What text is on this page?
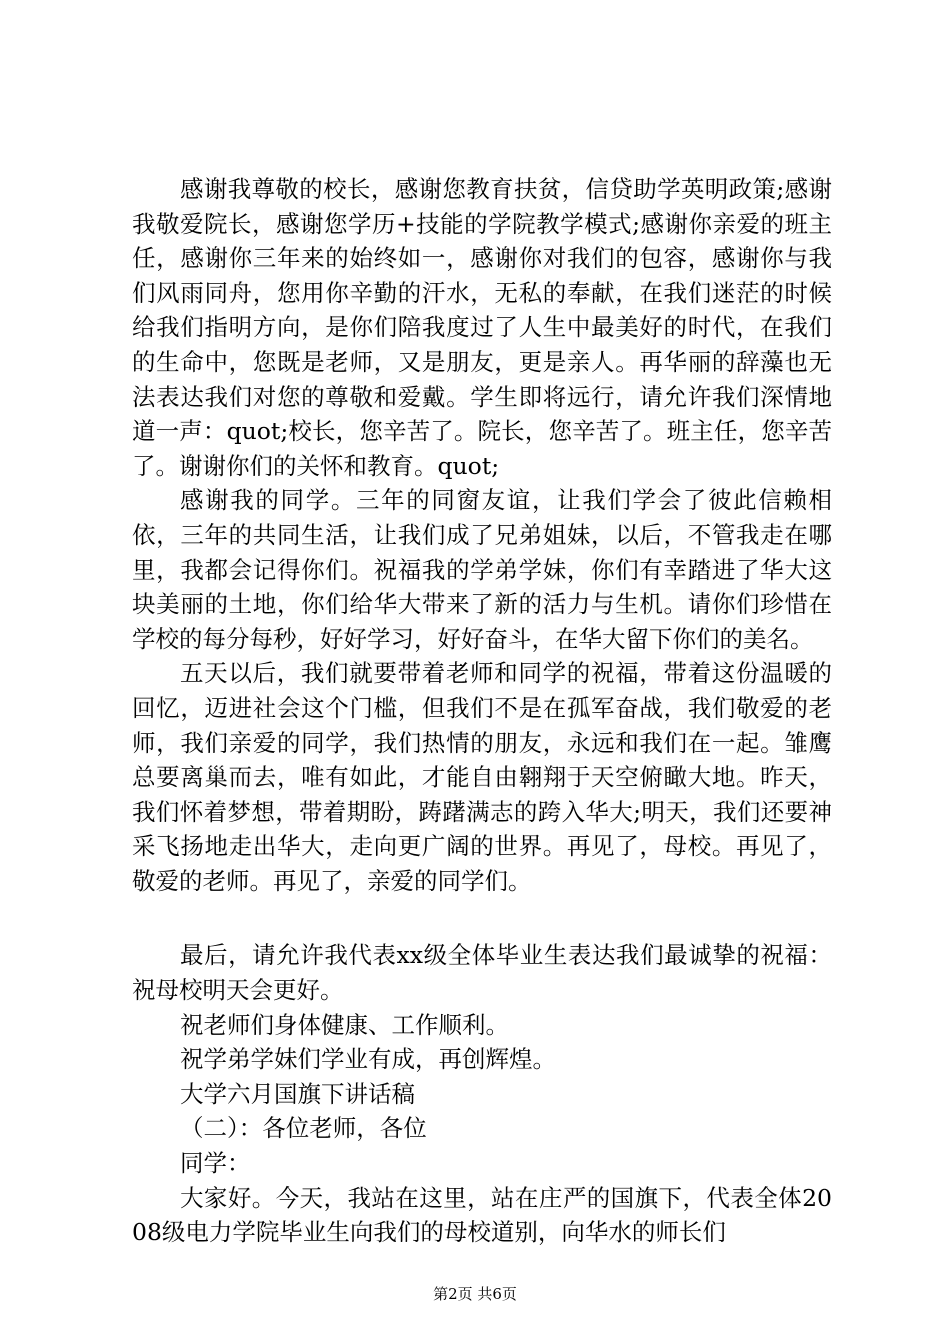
感谢我尊敬的校长，感谢您教育扶贫，信贷助学英明政策;感谢我敬爱院长，感谢您学历+技能的学院教学模式;感谢你亲爱的班主任，感谢你三年来的始终如一，感谢你对我们的包容，感谢你与我们风雨同舟，您用你辛勤的汗水，无私的奉献，在我们迷茫的时候给我们指明方向，是你们陪我度过了人生中最美好的时代，在我们的生命中，您既是老师，又是朋友，更是亲人。再华丽的辞藻也无法表达我们对您的尊敬和爱戴。学生即将远行，请允许我们深情地道一声：quot;校长，您辛苦了。院长，您辛苦了。班主任，您辛苦了。谢谢你们的关怀和教育。quot;

感谢我的同学。三年的同窗友谊，让我们学会了彼此信赖相依，三年的共同生活，让我们成了兄弟姐妹，以后，不管我走在哪里，我都会记得你们。祝福我的学弟学妹，你们有幸踏进了华大这块美丽的土地，你们给华大带来了新的活力与生机。请你们珍惜在学校的每分每秒，好好学习，好好奋斗，在华大留下你们的美名。

五天以后，我们就要带着老师和同学的祝福，带着这份温暖的回忆，迈进社会这个门槛，但我们不是在孤军奋战，我们敬爱的老师，我们亲爱的同学，我们热情的朋友，永远和我们在一起。雏鹰总要离巢而去，唯有如此，才能自由翱翔于天空俯瞰大地。昨天，我们怀着梦想，带着期盼，踌躇满志的跨入华大;明天，我们还要神采飞扬地走出华大，走向更广阔的世界。再见了，母校。再见了，敬爱的老师。再见了，亲爱的同学们。

最后，请允许我代表xx级全体毕业生表达我们最诚挚的祝福：祝母校明天会更好。

祝老师们身体健康、工作顺利。

祝学弟学妹们学业有成，再创辉煌。

大学六月国旗下讲话稿

（二）：各位老师，各位

同学：

大家好。今天，我站在这里，站在庄严的国旗下，代表全体2008级电力学院毕业生向我们的母校道别，向华水的师长们

第2页 共6页
